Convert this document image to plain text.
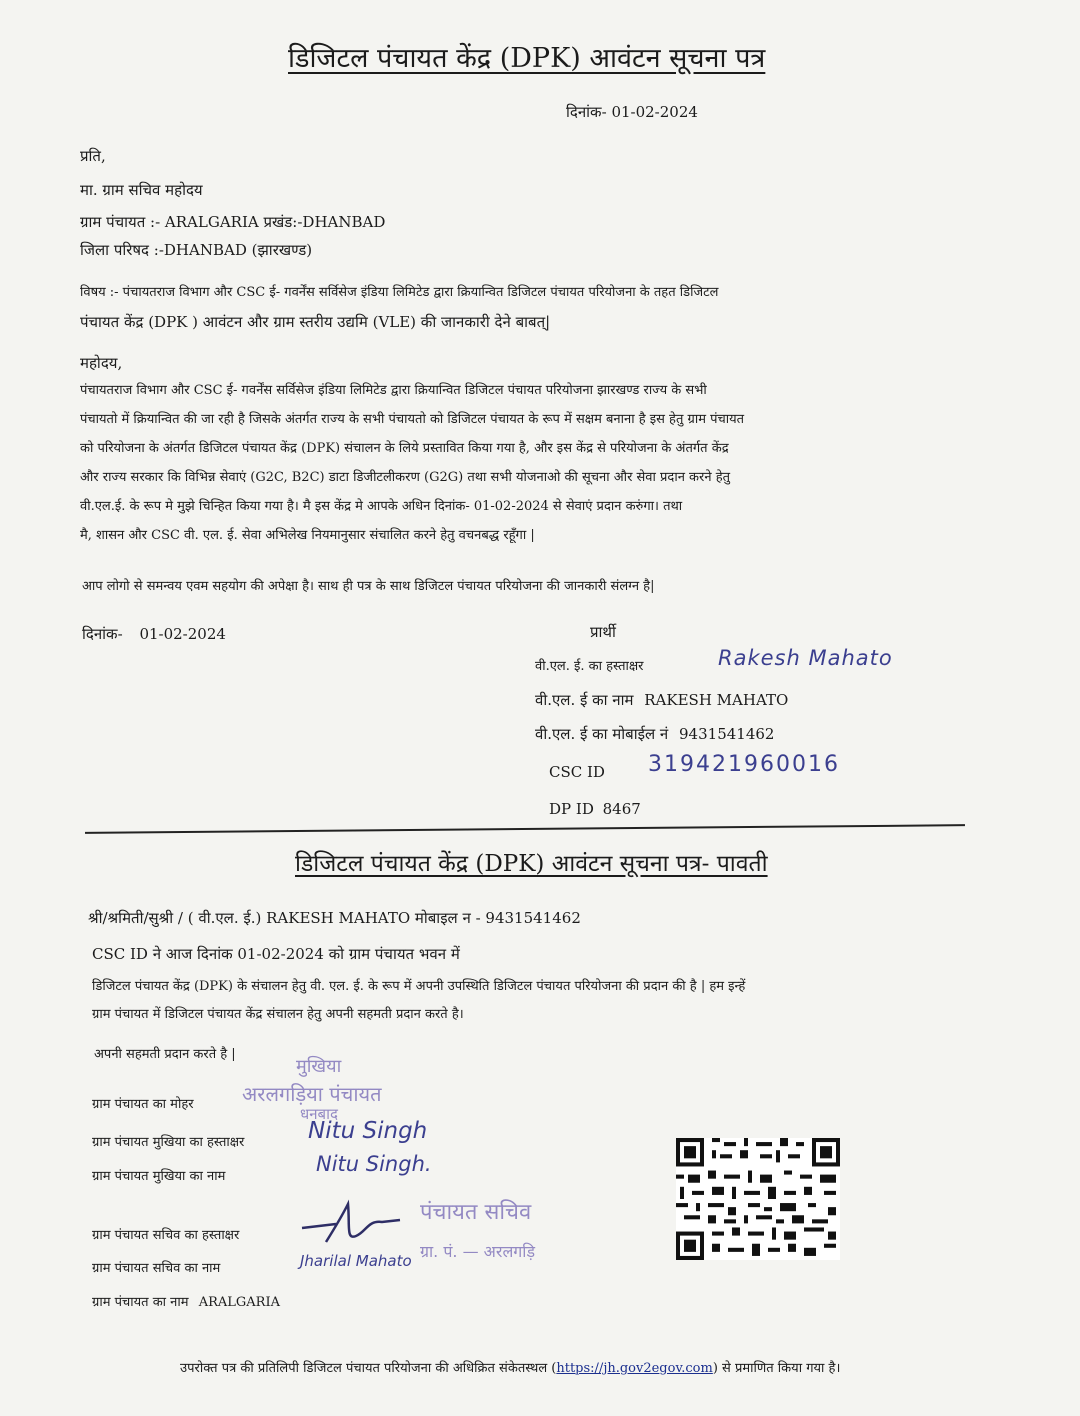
डिजिटल पंचायत केंद्र (DPK) आवंटन सूचना पत्र
दिनांक- 01-02-2024
प्रति,
मा. ग्राम सचिव महोदय
ग्राम पंचायत :- ARALGARIA प्रखंड:-DHANBAD
जिला परिषद :-DHANBAD (झारखण्ड)
विषय :- पंचायतराज विभाग और CSC ई- गवर्नेंस सर्विसेज इंडिया लिमिटेड द्वारा क्रियान्वित डिजिटल पंचायत परियोजना के तहत डिजिटल
पंचायत केंद्र (DPK ) आवंटन और ग्राम स्तरीय उद्यमि (VLE) की जानकारी देने बाबत्|
महोदय,
पंचायतराज विभाग और CSC ई- गवर्नेंस सर्विसेज इंडिया लिमिटेड द्वारा क्रियान्वित डिजिटल पंचायत परियोजना झारखण्ड राज्य के सभी
पंचायतो में क्रियान्वित की जा रही है जिसके अंतर्गत राज्य के सभी पंचायतो को डिजिटल पंचायत के रूप में सक्षम बनाना है इस हेतु ग्राम पंचायत
को परियोजना के अंतर्गत डिजिटल पंचायत केंद्र (DPK) संचालन के लिये प्रस्तावित किया गया है, और इस केंद्र से परियोजना के अंतर्गत केंद्र
और राज्य सरकार कि विभिन्न सेवाएं (G2C, B2C) डाटा डिजीटलीकरण (G2G) तथा सभी योजनाओ की सूचना और सेवा प्रदान करने हेतु
वी.एल.ई. के रूप मे मुझे चिन्हित किया गया है। मै इस केंद्र मे आपके अधिन दिनांक- 01-02-2024 से सेवाएं प्रदान करुंगा। तथा
मै, शासन और CSC वी. एल. ई. सेवा अभिलेख नियमानुसार संचालित करने हेतु वचनबद्ध रहूँगा |
आप लोगो से समन्वय एवम सहयोग की अपेक्षा है। साथ ही पत्र के साथ डिजिटल पंचायत परियोजना की जानकारी संलग्न है|
दिनांक- 01-02-2024	प्रार्थी
वी.एल. ई. का हस्ताक्षर	Rakesh Mahato
वी.एल. ई का नाम RAKESH MAHATO
वी.एल. ई का मोबाईल नं 9431541462
CSC ID 319421960016
DP ID 8467
डिजिटल पंचायत केंद्र (DPK) आवंटन सूचना पत्र- पावती
श्री/श्रमिती/सुश्री / ( वी.एल. ई.) RAKESH MAHATO मोबाइल न - 9431541462
CSC ID ने आज दिनांक 01-02-2024 को ग्राम पंचायत भवन में
डिजिटल पंचायत केंद्र (DPK) के संचालन हेतु वी. एल. ई. के रूप में अपनी उपस्थिति डिजिटल पंचायत परियोजना की प्रदान की है | हम इन्हें
ग्राम पंचायत में डिजिटल पंचायत केंद्र संचालन हेतु अपनी सहमती प्रदान करते है।
अपनी सहमती प्रदान करते है |
मुखिया
अरलगड़िया पंचायत
धनबाद
ग्राम पंचायत का मोहर
ग्राम पंचायत मुखिया का हस्ताक्षर	Nitu Singh
ग्राम पंचायत मुखिया का नाम
Nitu Singh.
पंचायत सचिव
ग्राम पंचायत सचिव का हस्ताक्षर
ग्राम पंचायत सचिव का नाम	Jharilal Mahato ग्रा. पं. — अरलगड़ि
ग्राम पंचायत का नाम ARALGARIA
उपरोक्त पत्र की प्रतिलिपी डिजिटल पंचायत परियोजना की अधिक्रित संकेतस्थल (https://jh.gov2egov.com) से प्रमाणित किया गया है।
